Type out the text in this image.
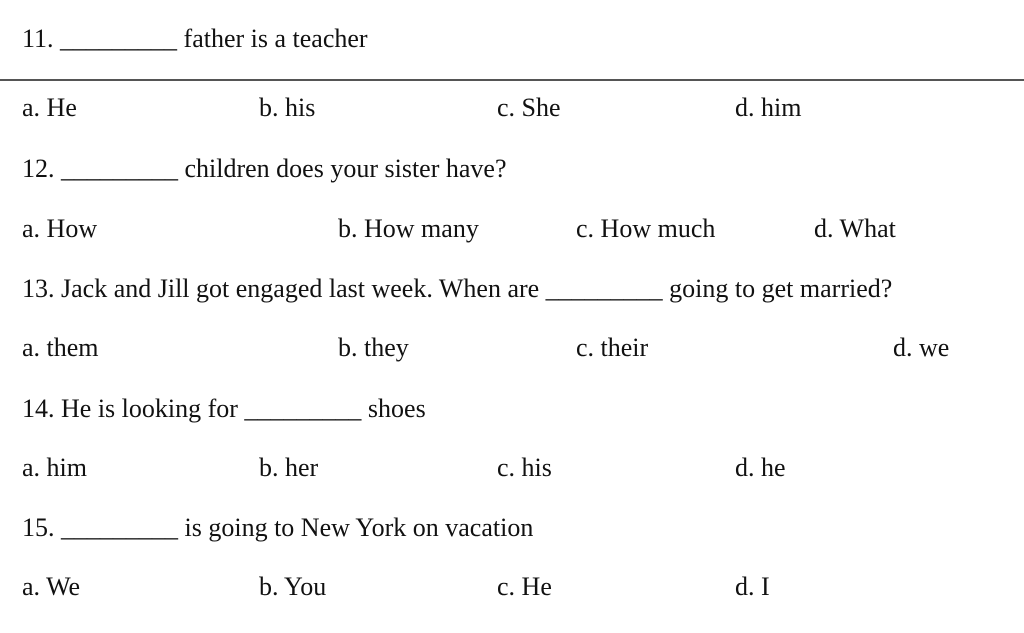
11. _________ father is a teacher
a. He	b. his	c. She	d. him
12. _________ children does your sister have?
a. How	b. How many	c. How much	d. What
13. Jack and Jill got engaged last week. When are _________ going to get married?
a. them	b. they	c. their	d. we
14. He is looking for _________ shoes
a. him	b. her	c. his	d. he
15. _________ is going to New York on vacation
a. We	b. You	c. He	d. I
